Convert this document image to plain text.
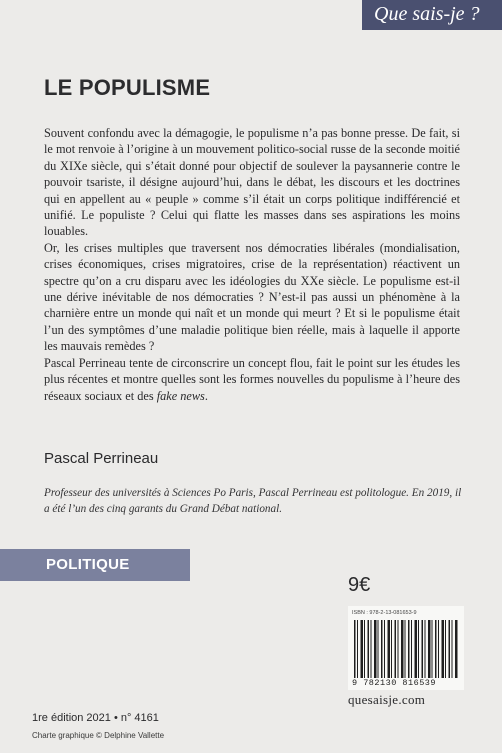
Que sais-je ?
LE POPULISME

Souvent confondu avec la démagogie, le populisme n’a pas bonne presse. De fait, si le mot renvoie à l’origine à un mouvement politico-social russe de la seconde moitié du XIXe siècle, qui s’était donné pour objectif de soulever la paysannerie contre le pouvoir tsariste, il désigne aujourd’hui, dans le débat, les discours et les doctrines qui en appellent au « peuple » comme s’il était un corps politique indifférencié et unifié. Le populiste ? Celui qui flatte les masses dans ses aspirations les moins louables.

Or, les crises multiples que traversent nos démocraties libérales (mondialisation, crises économiques, crises migratoires, crise de la représentation) réactivent un spectre qu’on a cru disparu avec les idéologies du XXe siècle. Le populisme est-il une dérive inévitable de nos démocraties ? N’est-il pas aussi un phénomène à la charnière entre un monde qui naît et un monde qui meurt ? Et si le populisme était l’un des symptômes d’une maladie politique bien réelle, mais à laquelle il apporte les mauvais remèdes ?

Pascal Perrineau tente de circonscrire un concept flou, fait le point sur les études les plus récentes et montre quelles sont les formes nouvelles du populisme à l’heure des réseaux sociaux et des fake news.

Pascal Perrineau
Professeur des universités à Sciences Po Paris, Pascal Perrineau est politologue. En 2019, il a été l’un des cinq garants du Grand Débat national.
POLITIQUE
9€
ISBN : 978-2-13-081653-9
9 782130 816539
quesaisje.com
1re édition 2021 • n° 4161
Charte graphique © Delphine Vallette
